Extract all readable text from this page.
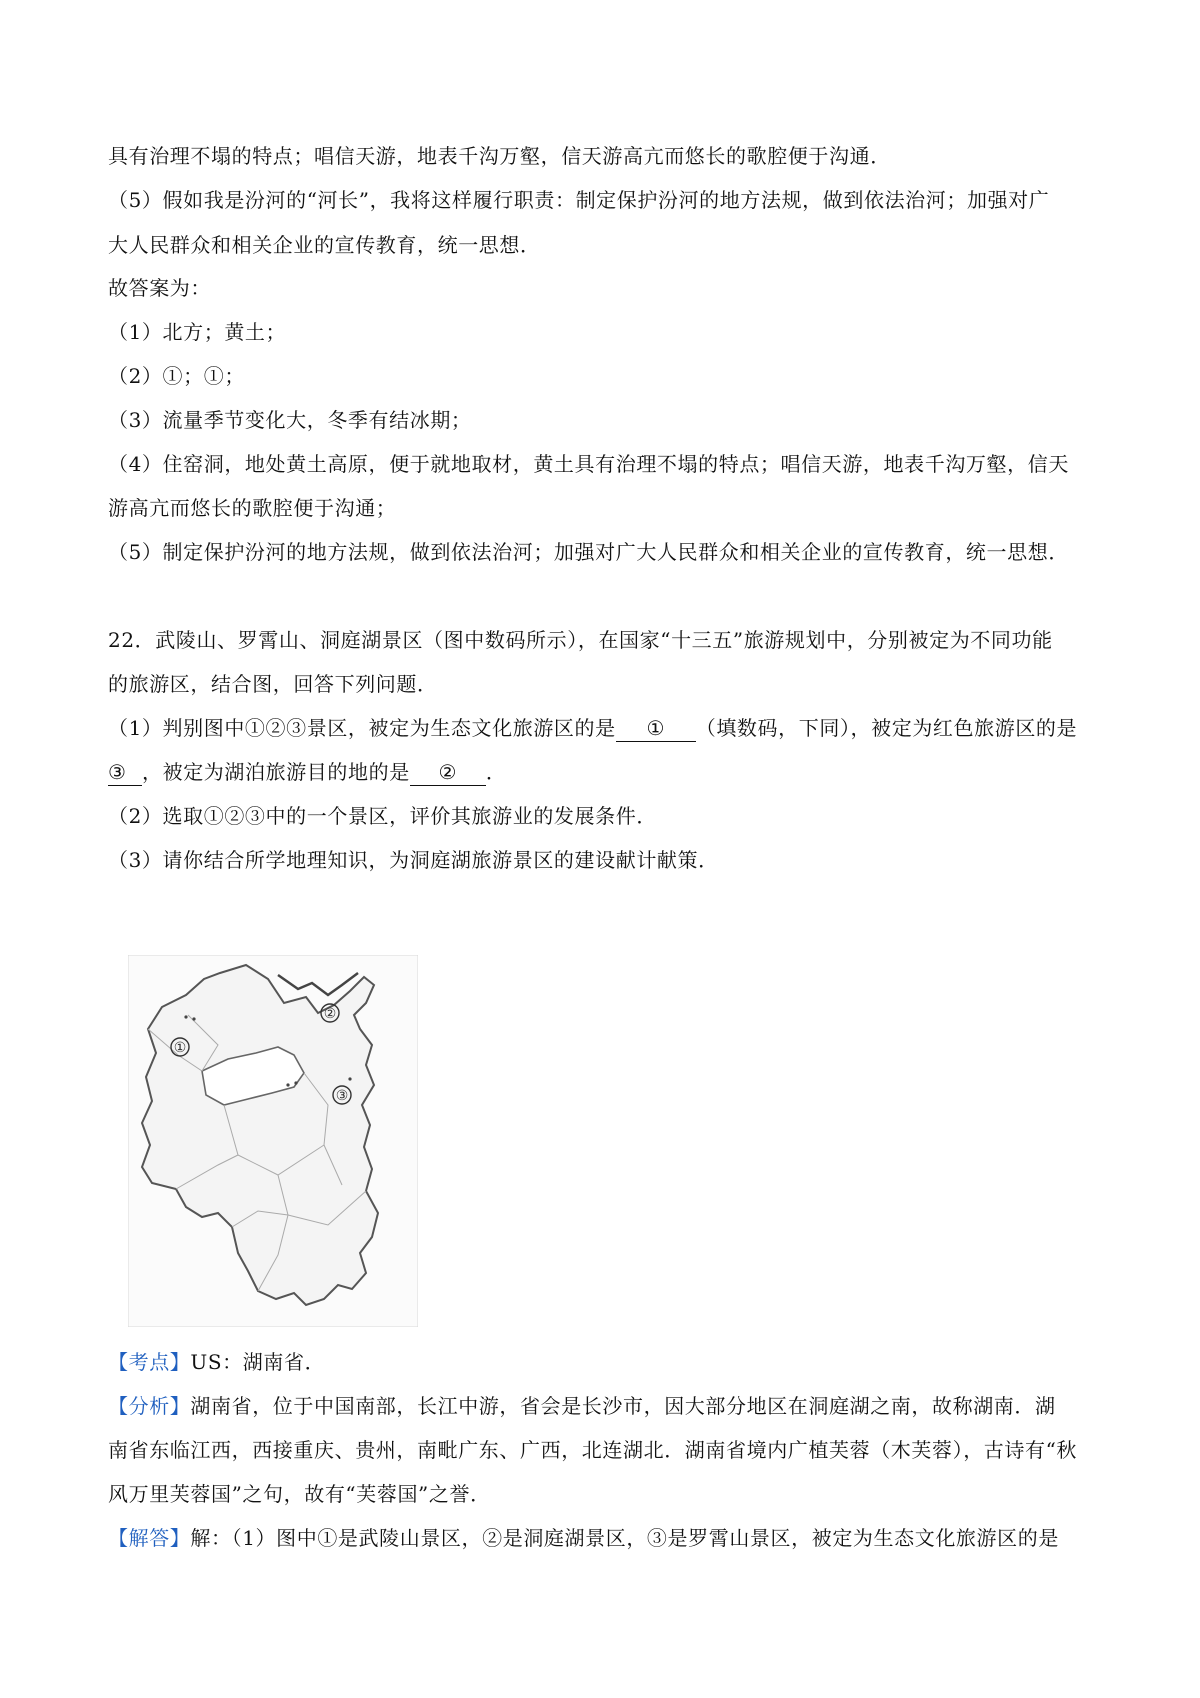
具有治理不塌的特点；唱信天游，地表千沟万壑，信天游高亢而悠长的歌腔便于沟通．
（5）假如我是汾河的“河长”，我将这样履行职责：制定保护汾河的地方法规，做到依法治河；加强对广
大人民群众和相关企业的宣传教育，统一思想．
故答案为：
（1）北方；黄土；
（2）①；①；
（3）流量季节变化大，冬季有结冰期；
（4）住窑洞，地处黄土高原，便于就地取材，黄土具有治理不塌的特点；唱信天游，地表千沟万壑，信天
游高亢而悠长的歌腔便于沟通；
（5）制定保护汾河的地方法规，做到依法治河；加强对广大人民群众和相关企业的宣传教育，统一思想．
22．武陵山、罗霄山、洞庭湖景区（图中数码所示），在国家“十三五”旅游规划中，分别被定为不同功能
的旅游区，结合图，回答下列问题．
（1）判别图中①②③景区，被定为生态文化旅游区的是 ① （填数码，下同），被定为红色旅游区的是
③ ，被定为湖泊旅游目的地的是 ② ．
（2）选取①②③中的一个景区，评价其旅游业的发展条件．
（3）请你结合所学地理知识，为洞庭湖旅游景区的建设献计献策．
①
②
③
【考点】US：湖南省．
【分析】湖南省，位于中国南部，长江中游，省会是长沙市，因大部分地区在洞庭湖之南，故称湖南．湖
南省东临江西，西接重庆、贵州，南毗广东、广西，北连湖北．湖南省境内广植芙蓉（木芙蓉），古诗有“秋
风万里芙蓉国”之句，故有“芙蓉国”之誉．
【解答】解：（1）图中①是武陵山景区，②是洞庭湖景区，③是罗霄山景区，被定为生态文化旅游区的是
